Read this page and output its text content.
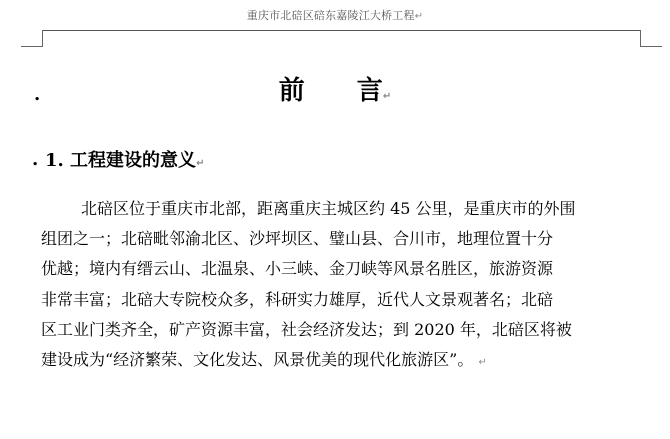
重庆市北碚区碚东嘉陵江大桥工程↵
.	前 言↵
. 1. 工程建设的意义↵
北碚区位于重庆市北部，距离重庆主城区约 45 公里，是重庆市的外围
组团之一；北碚毗邻渝北区、沙坪坝区、璧山县、合川市，地理位置十分
优越；境内有缙云山、北温泉、小三峡、金刀峡等风景名胜区，旅游资源
非常丰富；北碚大专院校众多，科研实力雄厚，近代人文景观著名；北碚
区工业门类齐全，矿产资源丰富，社会经济发达；到 2020 年，北碚区将被
建设成为“经济繁荣、文化发达、风景优美的现代化旅游区”。 ↵
